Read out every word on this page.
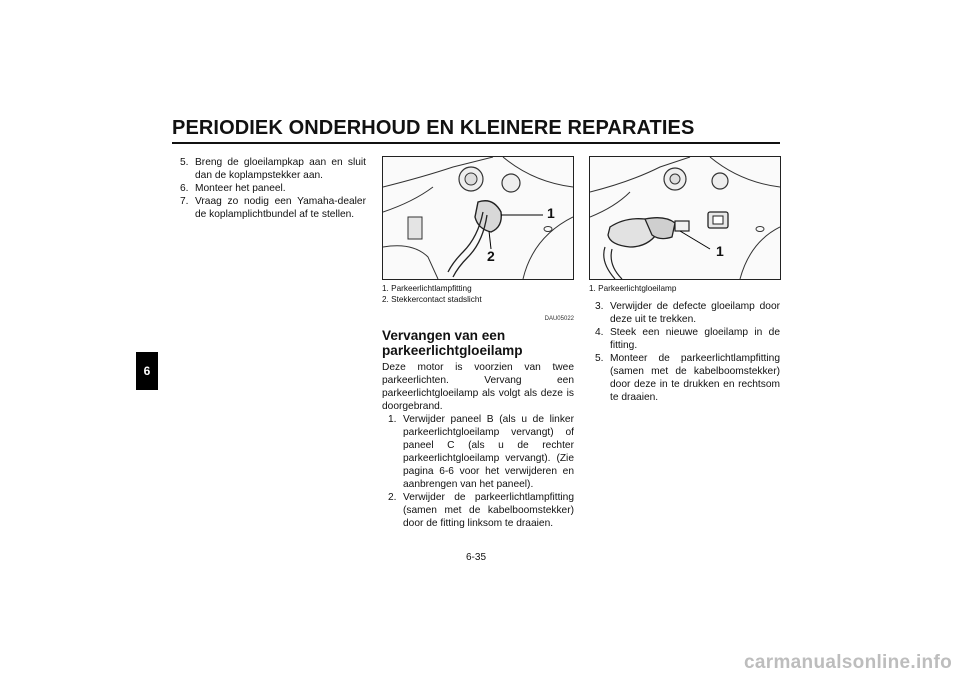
PERIODIEK ONDERHOUD EN KLEINERE REPARATIES
6
5. Breng de gloeilampkap aan en sluit dan de koplampstekker aan.
6. Monteer het paneel.
7. Vraag zo nodig een Yamaha-dealer de koplamplichtbundel af te stellen.	1
2
1. Parkeerlichtlampfitting
2. Stekkercontact stadslicht
DAU05022
Vervangen van een parkeerlichtgloeilamp
Deze motor is voorzien van twee parkeerlichten. Vervang een parkeerlichtgloeilamp als volgt als deze is doorgebrand.
1. Verwijder paneel B (als u de linker parkeerlichtgloeilamp vervangt) of paneel C (als u de rechter parkeerlichtgloeilamp vervangt). (Zie pagina 6-6 voor het verwijderen en aanbrengen van het paneel).
2. Verwijder de parkeerlichtlampfitting (samen met de kabelboomstekker) door de fitting linksom te draaien.
1
1. Parkeerlichtgloeilamp
3. Verwijder de defecte gloeilamp door deze uit te trekken.
4. Steek een nieuwe gloeilamp in de fitting.
5. Monteer de parkeerlichtlampfitting (samen met de kabelboomstekker) door deze in te drukken en rechtsom te draaien.
6-35
carmanualsonline.info
